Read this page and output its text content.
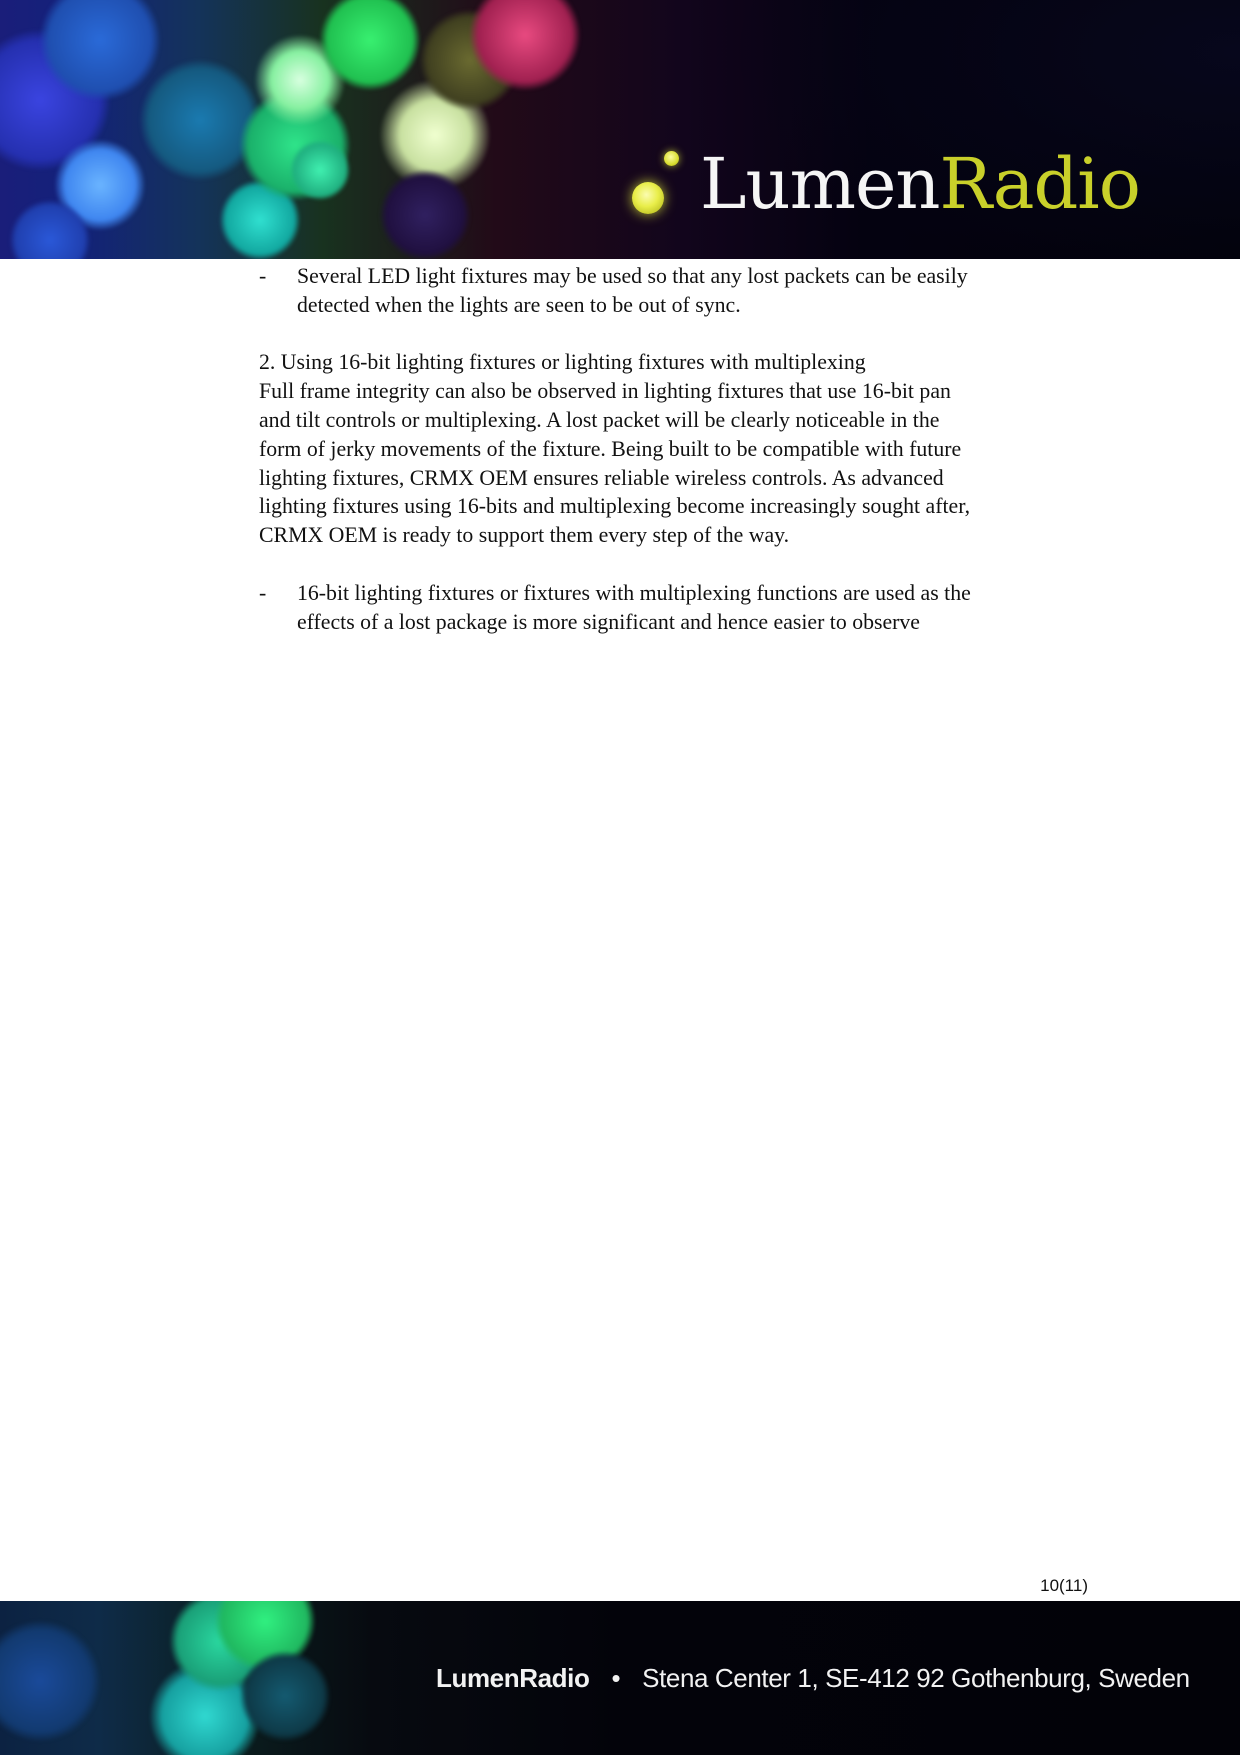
LumenRadio
- Several LED light fixtures may be used so that any lost packets can be easily
detected when the lights are seen to be out of sync.
2. Using 16-bit lighting fixtures or lighting fixtures with multiplexing
Full frame integrity can also be observed in lighting fixtures that use 16-bit pan
and tilt controls or multiplexing. A lost packet will be clearly noticeable in the
form of jerky movements of the fixture. Being built to be compatible with future
lighting fixtures, CRMX OEM ensures reliable wireless controls. As advanced
lighting fixtures using 16-bits and multiplexing become increasingly sought after,
CRMX OEM is ready to support them every step of the way.
- 16-bit lighting fixtures or fixtures with multiplexing functions are used as the
effects of a lost package is more significant and hence easier to observe
10(11)
LumenRadio • Stena Center 1, SE-412 92 Gothenburg, Sweden
